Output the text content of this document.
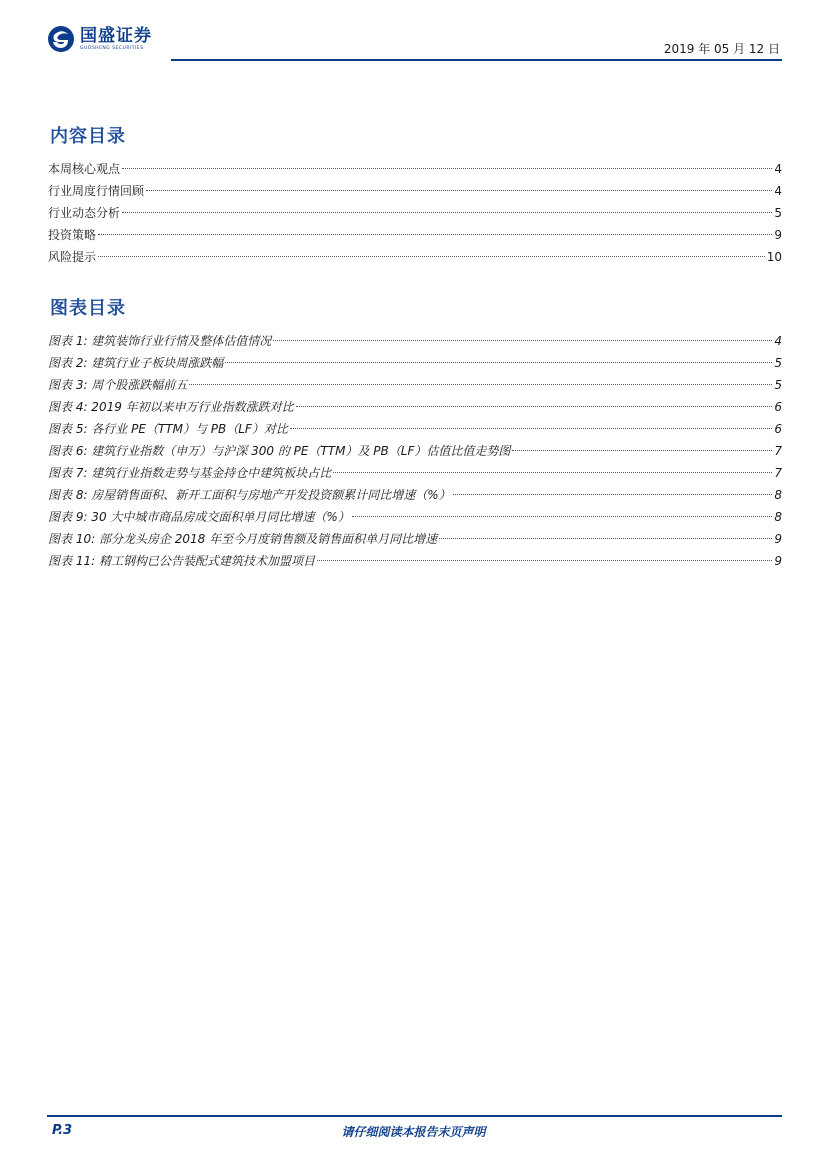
国盛证券
GUOSHENG SECURITIES	2019 年 05 月 12 日
内容目录
本周核心观点	4
行业周度行情回顾	4
行业动态分析	5
投资策略	9
风险提示	10
图表目录
图表 1: 建筑装饰行业行情及整体估值情况	4
图表 2: 建筑行业子板块周涨跌幅	5
图表 3: 周个股涨跌幅前五	5
图表 4: 2019 年初以来申万行业指数涨跌对比	6
图表 5: 各行业 PE（TTM）与 PB（LF）对比	6
图表 6: 建筑行业指数（申万）与沪深 300 的 PE（TTM）及 PB（LF）估值比值走势图	7
图表 7: 建筑行业指数走势与基金持仓中建筑板块占比	7
图表 8: 房屋销售面积、新开工面积与房地产开发投资额累计同比增速（%）	8
图表 9: 30 大中城市商品房成交面积单月同比增速（%）	8
图表 10: 部分龙头房企 2018 年至今月度销售额及销售面积单月同比增速	9
图表 11: 精工钢构已公告装配式建筑技术加盟项目	9
P.3	请仔细阅读本报告末页声明
